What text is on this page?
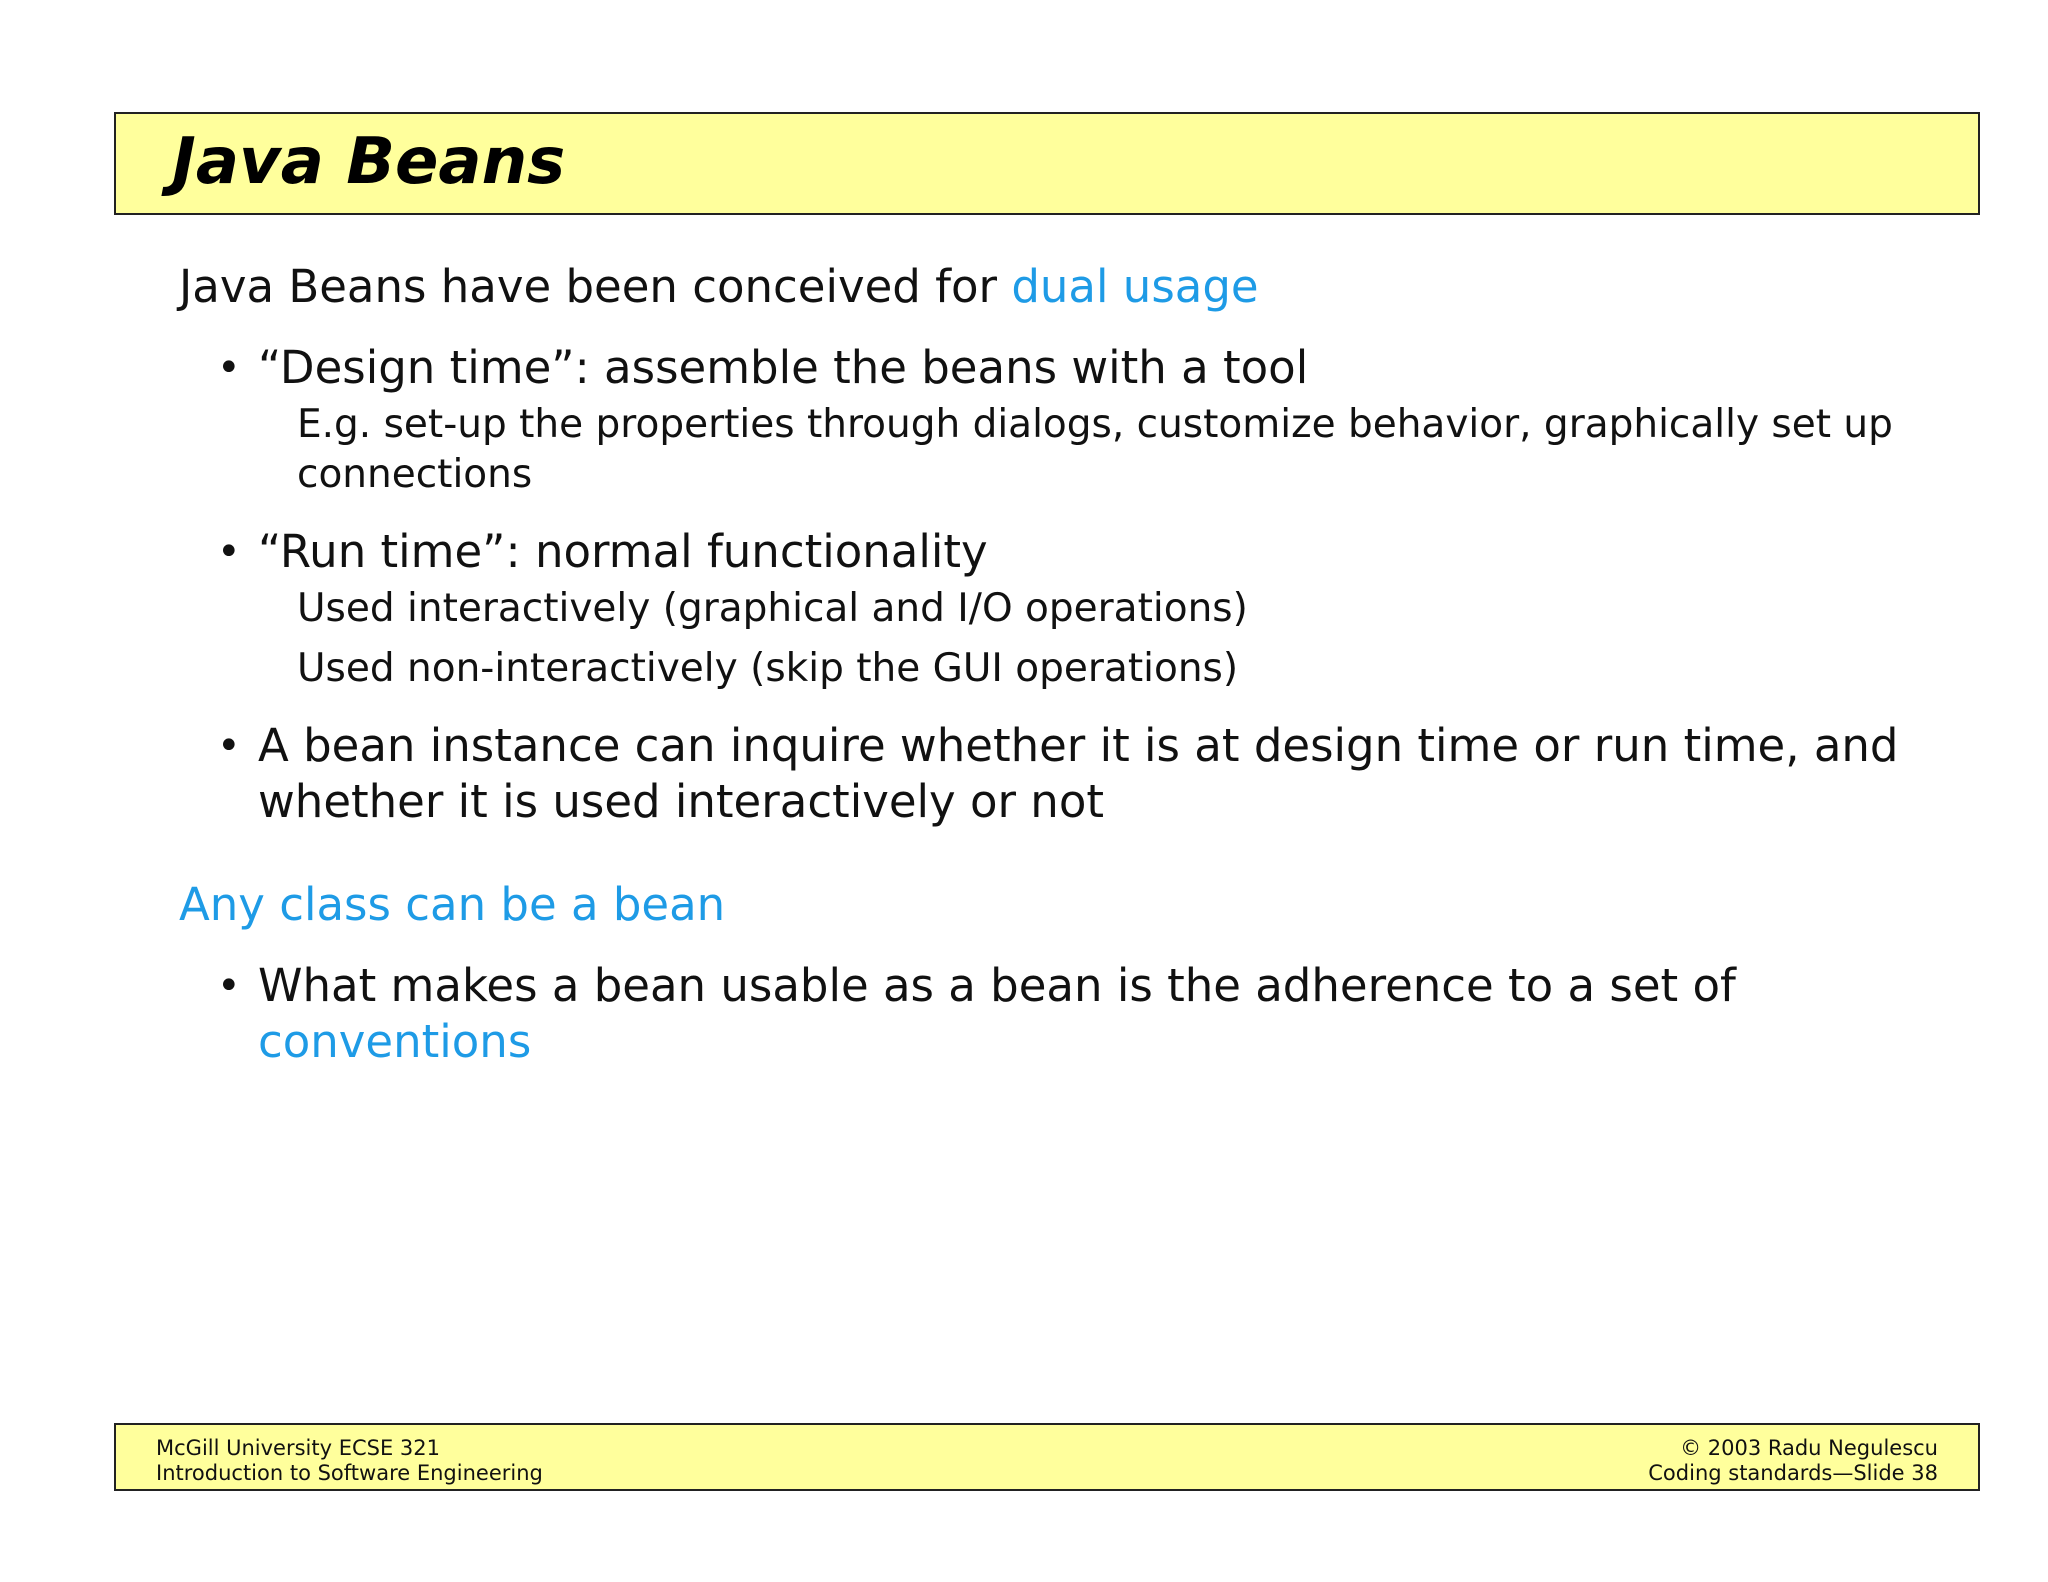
Java Beans
Java Beans have been conceived for dual usage
• “Design time”: assemble the beans with a tool
E.g. set-up the properties through dialogs, customize behavior, graphically set up connections
• “Run time”: normal functionality
Used interactively (graphical and I/O operations)
Used non-interactively (skip the GUI operations)
• A bean instance can inquire whether it is at design time or run time, and whether it is used interactively or not
Any class can be a bean
• What makes a bean usable as a bean is the adherence to a set of conventions
McGill University ECSE 321
Introduction to Software Engineering
© 2003 Radu Negulescu
Coding standards—Slide 38
